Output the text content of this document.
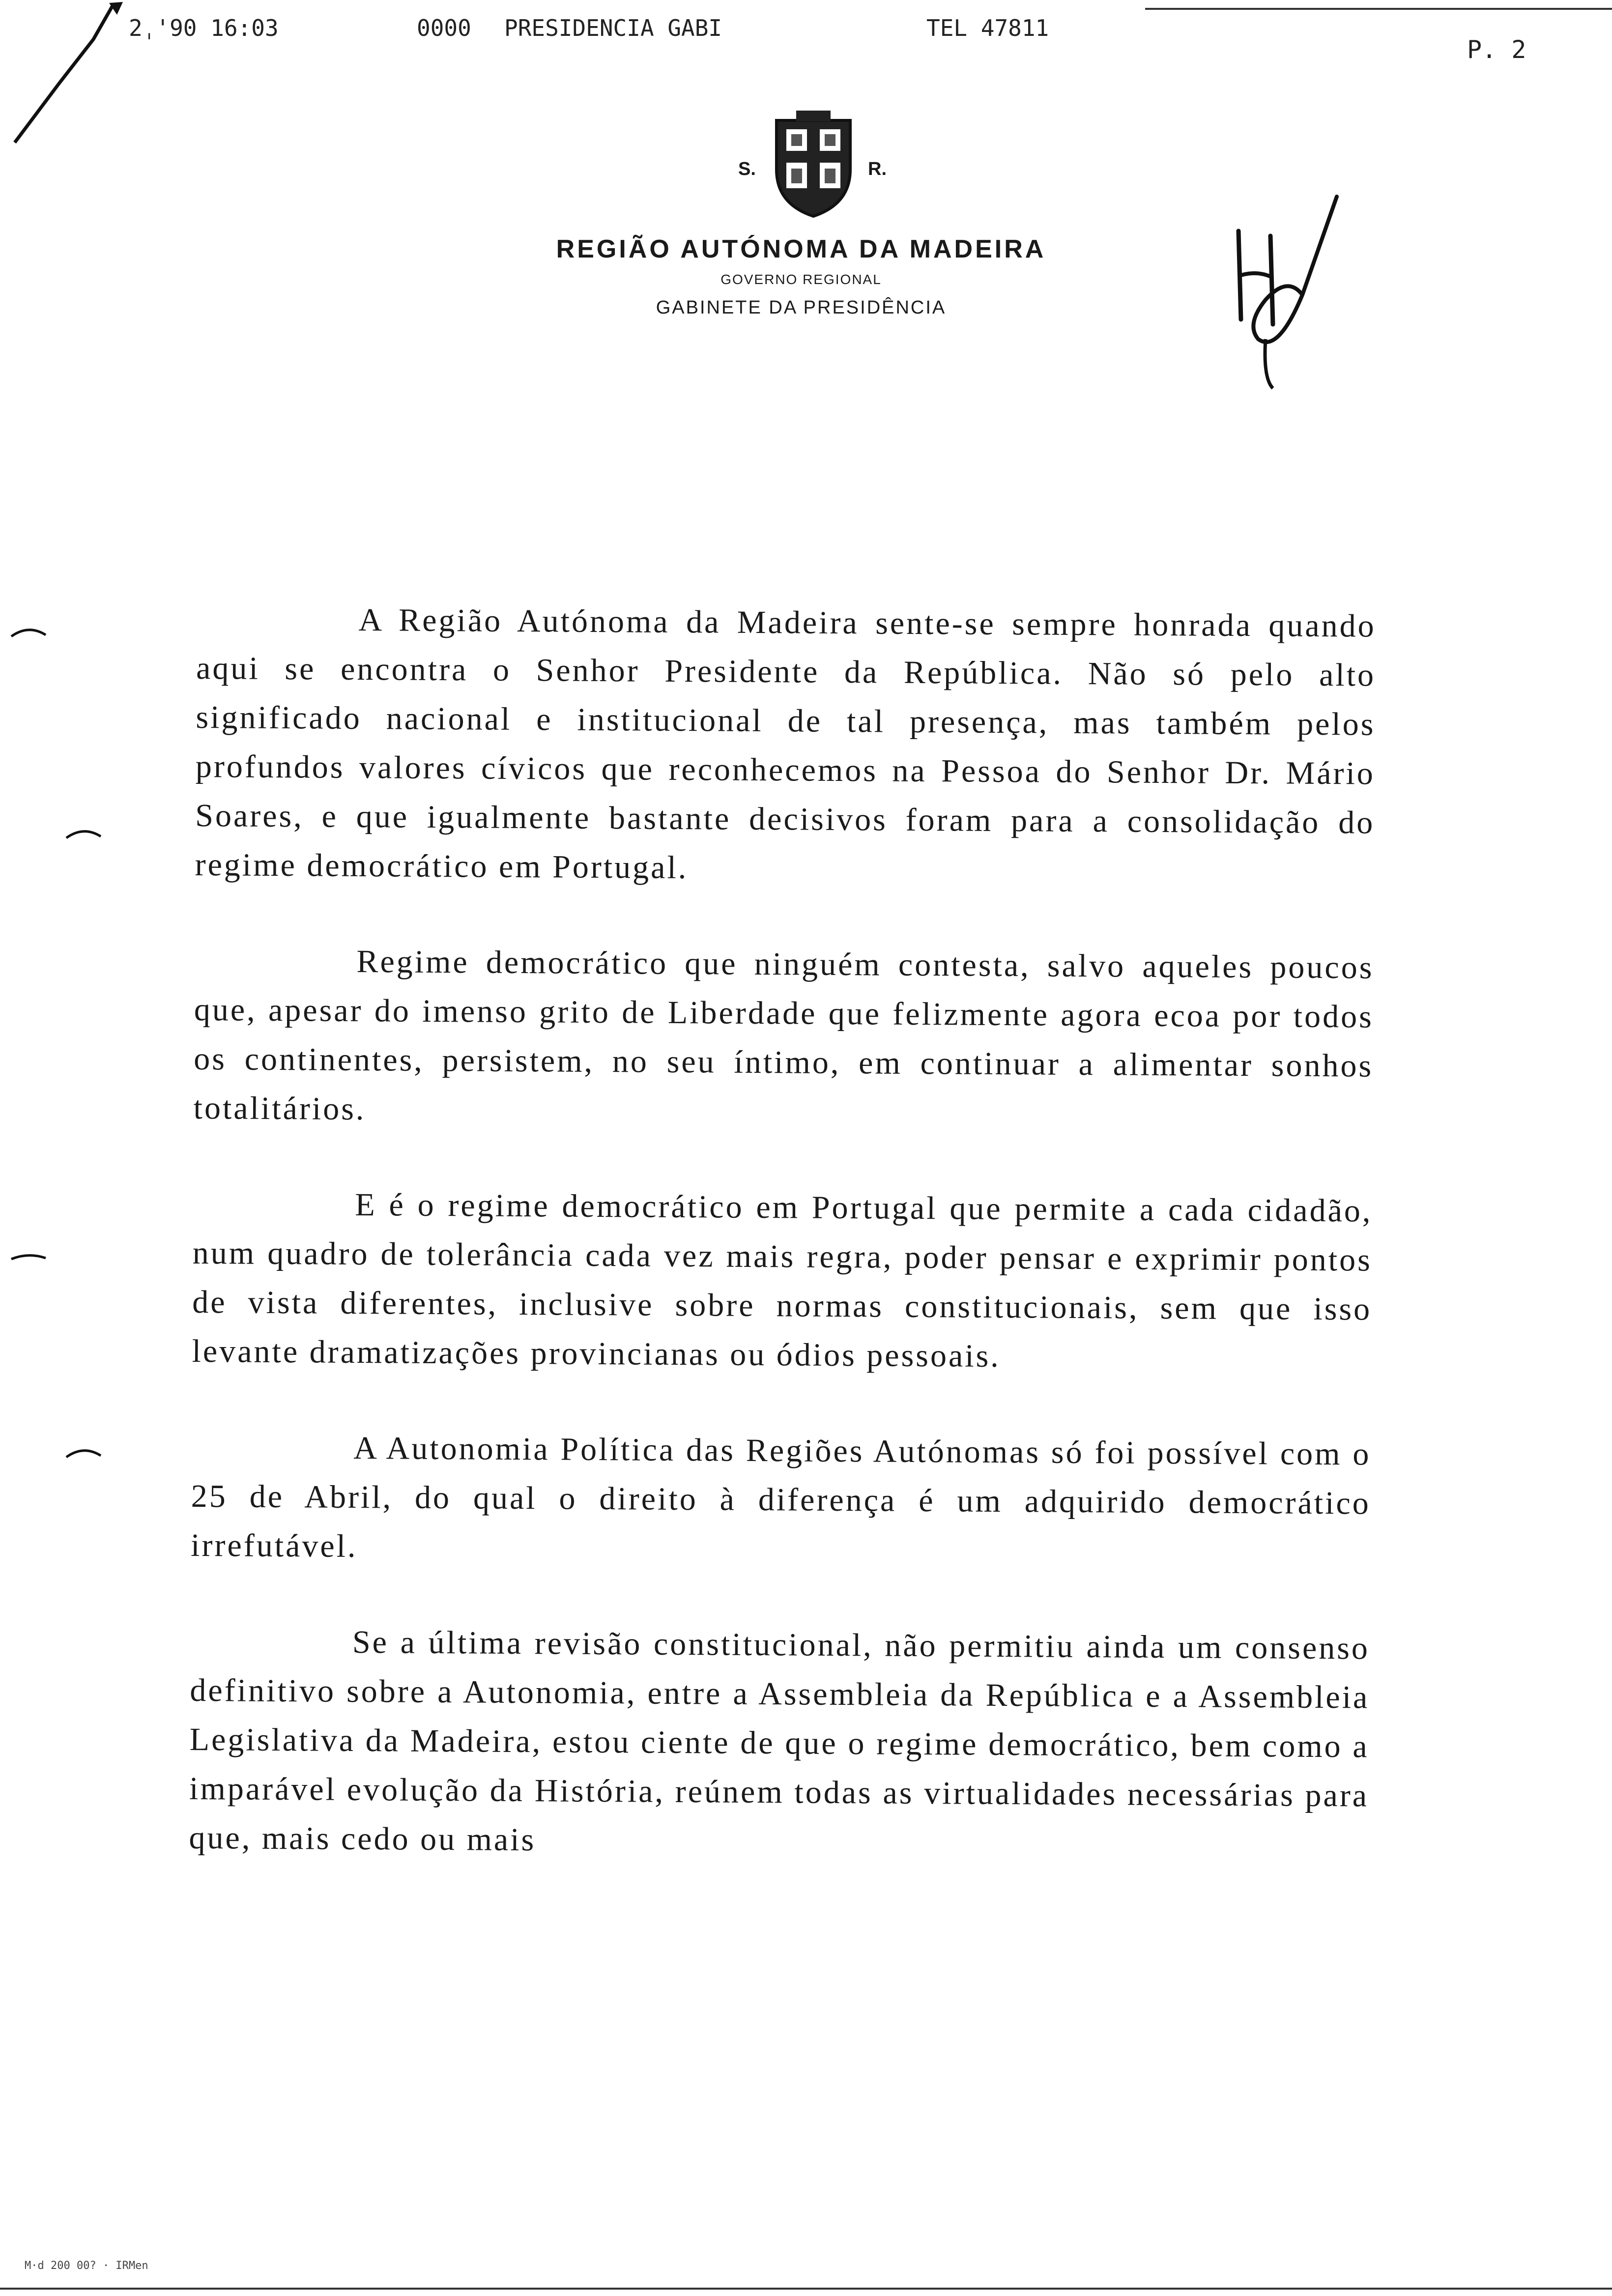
2ˌ'90 16:03	0000 PRESIDENCIA GABI	TEL 47811
P. 2
S.	R.
REGIÃO AUTÓNOMA DA MADEIRA
GOVERNO REGIONAL
GABINETE DA PRESIDÊNCIA

A Região Autónoma da Madeira sente-se sempre honrada quando aqui se encontra o Senhor Presidente da República. Não só pelo alto significado nacional e institucional de tal presença, mas também pelos profundos valores cívicos que reconhecemos na Pessoa do Senhor Dr. Mário Soares, e que igualmente bastante decisivos foram para a consolidação do regime democrático em Portugal.

Regime democrático que ninguém contesta, salvo aqueles poucos que, apesar do imenso grito de Liberdade que felizmente agora ecoa por todos os continentes, persistem, no seu íntimo, em continuar a alimentar sonhos totalitários.

E é o regime democrático em Portugal que permite a cada cidadão, num quadro de tolerância cada vez mais regra, poder pensar e exprimir pontos de vista diferentes, inclusive sobre normas constitucionais, sem que isso levante dramatizações provincianas ou ódios pessoais.

A Autonomia Política das Regiões Autónomas só foi possível com o 25 de Abril, do qual o direito à diferença é um adquirido democrático irrefutável.

Se a última revisão constitucional, não permitiu ainda um consenso definitivo sobre a Autonomia, entre a Assembleia da República e a Assembleia Legislativa da Madeira, estou ciente de que o regime democrático, bem como a imparável evolução da História, reúnem todas as virtualidades necessárias para que, mais cedo ou mais

M·d 200 00? · IRMen
